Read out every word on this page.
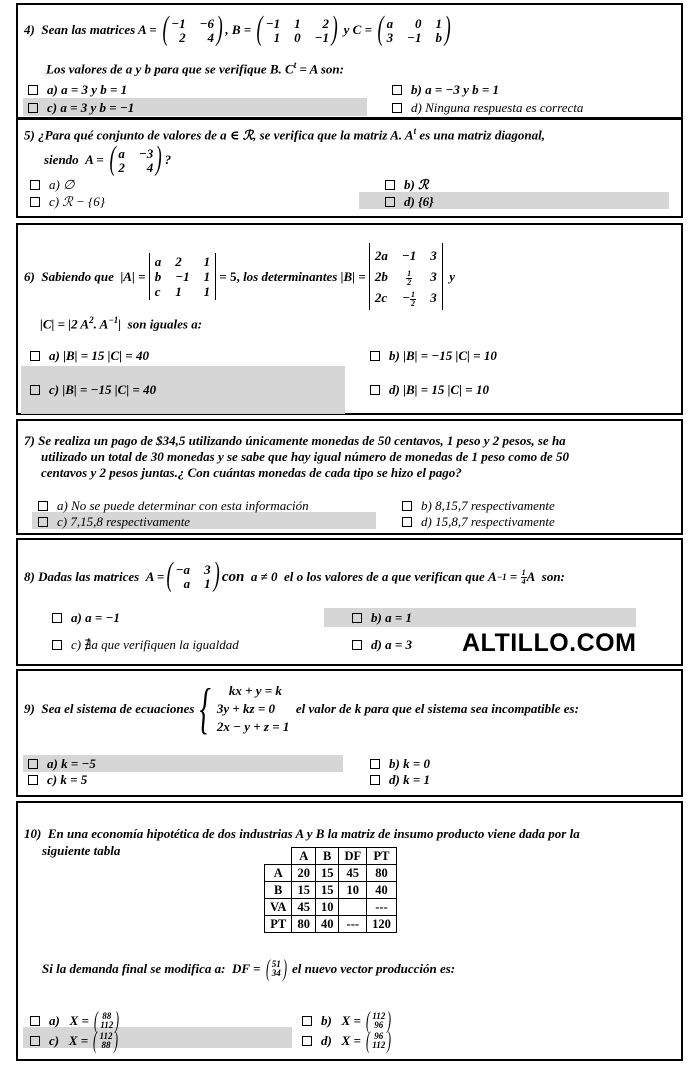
4) Sean las matrices A = ( −1 −6
2	4 ) , B = ( −1 1	2
1 0 −1 ) y C = ( a	0 1
3 −1 b )
Los valores de a y b para que se verifique B. $C^t = A$ son:
a) a = 3 y b = 1	b) a = −3 y b = 1
c) a = 3 y b = −1	d) Ninguna respuesta es correcta
5) ¿Para qué conjunto de valores de a ∈ ℛ, se verifica que la matriz A. $A^t$ es una matriz diagonal,
siendo A = ( a −3
2	4 ) ?
a) ∅	b) ℛ
c) ℛ − {6}	d) {6}
6)
Sabiendo que
|A| =

a 2	1
b −1 1
c 1	1

= 5,
los determinantes
|B| =

2a −1 3
$2b \frac{1}{2} 3$
$2c - \frac{1}{2} 3$

y
|C| = |2 $A^2$. $A^{-1}|$ son iguales a:
a) |B| = 15 |C| = 40	b) |B| = −15 |C| = 10
c) |B| = −15 |C| = 40	d) |B| = 15 |C| = 10
7) Se realiza un pago de $34,5 utilizando únicamente monedas de 50 centavos, 1 peso y 2 pesos, se ha
utilizado un total de 30 monedas y se sabe que hay igual número de monedas de 1 peso como de 50
centavos y 2 pesos juntas.¿ Con cuántas monedas de cada tipo se hizo el pago?
a) No se puede determinar con esta información	b) 8,15,7 respectivamente
c) 7,15,8 respectivamente	d) 15,8,7 respectivamente
8)
Dadas las matrices
A = ( −a 3
a 1 ) con
a ≠ 0
el o los valores de a que verifican que
A −1
=
$\frac{1}{4}$ A
son:
a) a = −1	b) a = 1
c) ∄a que verifiquen la igualdad	d) a = 3 ALTILLO.COM
9)
Sea el sistema de ecuaciones {	kx + y = k
3y + kz = 0
2x − y + z = 1

el valor de k para que el sistema sea incompatible es:
a) k = −5	b) k = 0
c) k = 5	d) k = 1
10) En una economía hipotética de dos industrias A y B la matriz de insumo producto viene dada por la
siguiente tabla
		A	B	DF	PT
A	20	15	45	80
B	15	15	10	40
VA	45	10		---
PT	80	40	---	120
Si la demanda final se modifica a:
DF =
( 51
34 )
el nuevo vector producción es:
a)
X =
( 88
112 )	b)
X =
( 112
96 )
c)
X =
( 112
88 )	d)
X =
( 96
112 )
